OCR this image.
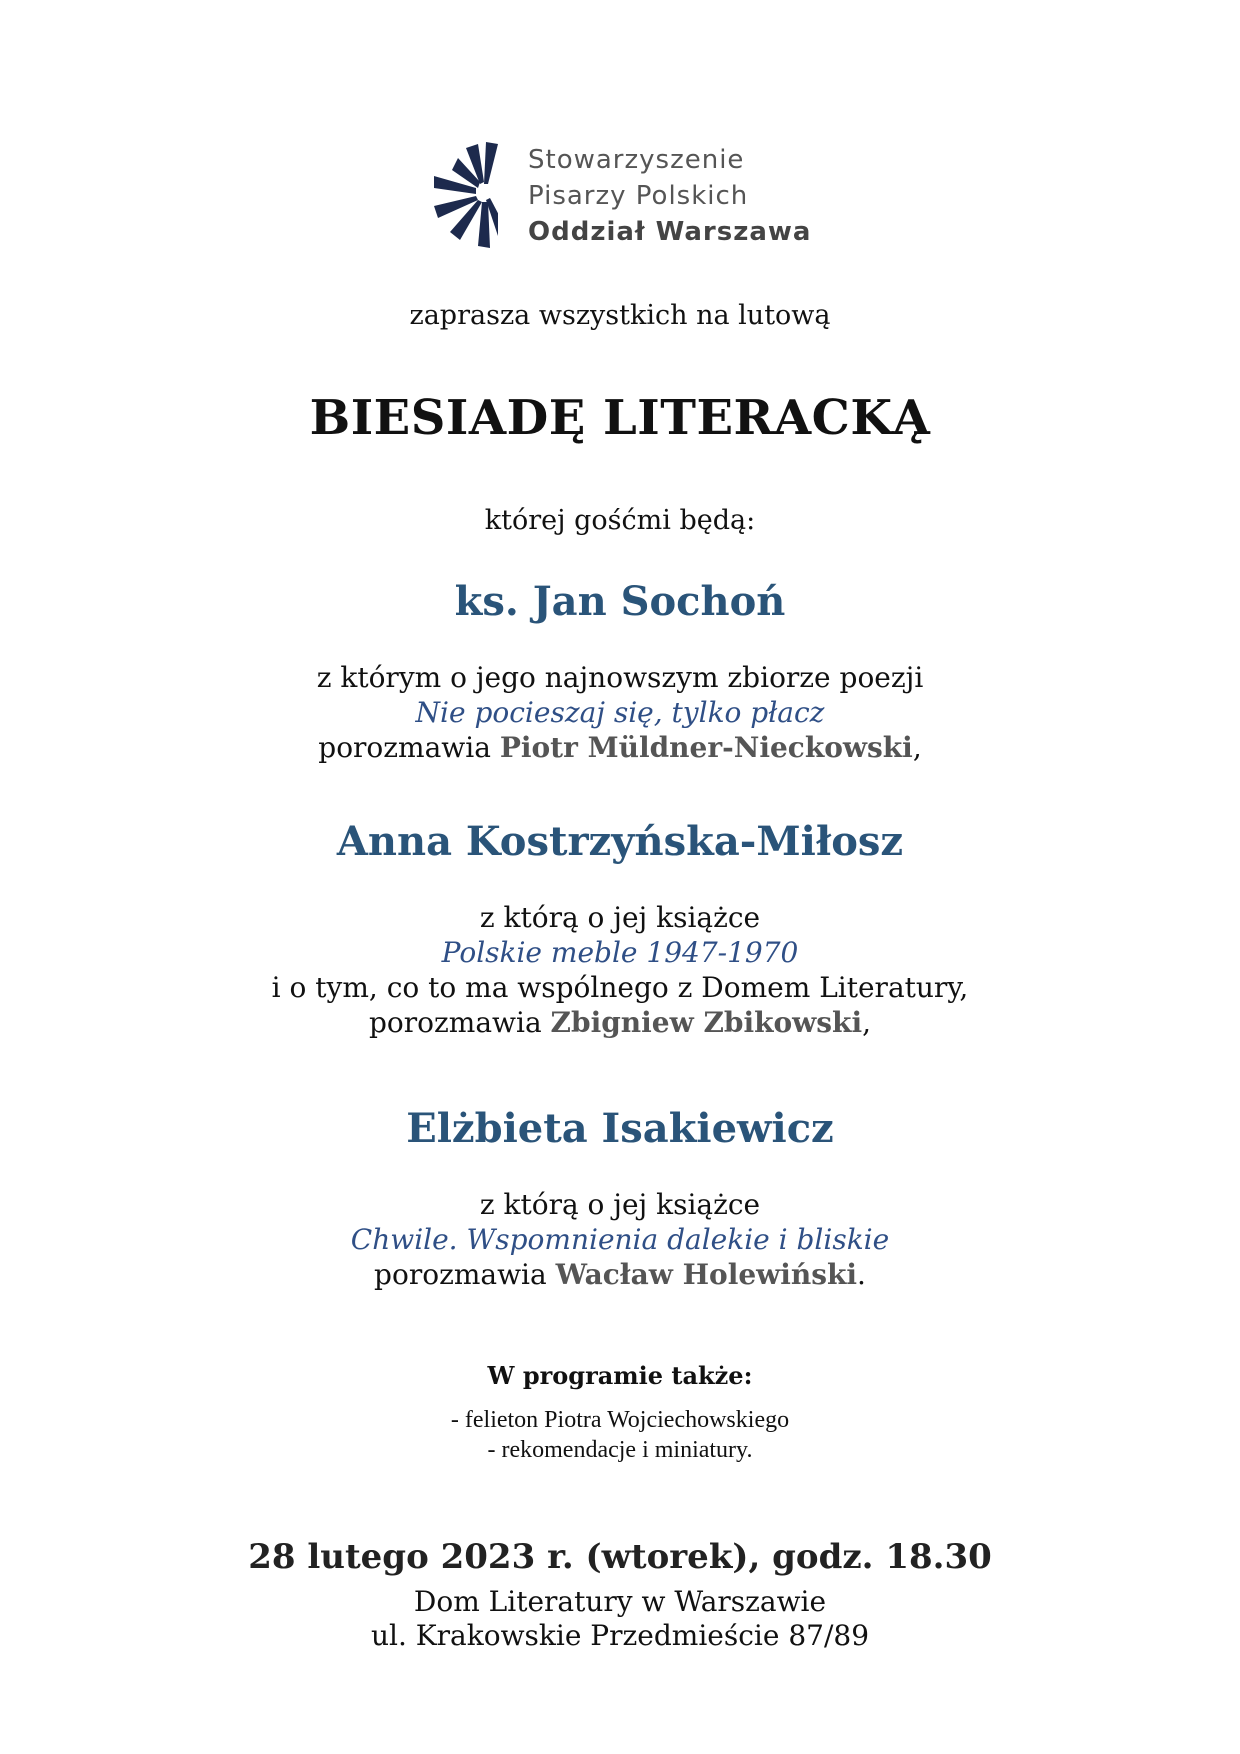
Stowarzyszenie
Pisarzy Polskich
Oddział Warszawa
zaprasza wszystkich na lutową
BIESIADĘ LITERACKĄ
której gośćmi będą:
ks. Jan Sochoń
z którym o jego najnowszym zbiorze poezji
Nie pocieszaj się, tylko płacz
porozmawia Piotr Müldner-Nieckowski,
Anna Kostrzyńska-Miłosz
z którą o jej książce
Polskie meble 1947-1970
i o tym, co to ma wspólnego z Domem Literatury,
porozmawia Zbigniew Zbikowski,
Elżbieta Isakiewicz
z którą o jej książce
Chwile. Wspomnienia dalekie i bliskie
porozmawia Wacław Holewiński.
W programie także:
- felieton Piotra Wojciechowskiego
- rekomendacje i miniatury.
28 lutego 2023 r. (wtorek), godz. 18.30
Dom Literatury w Warszawie
ul. Krakowskie Przedmieście 87/89
